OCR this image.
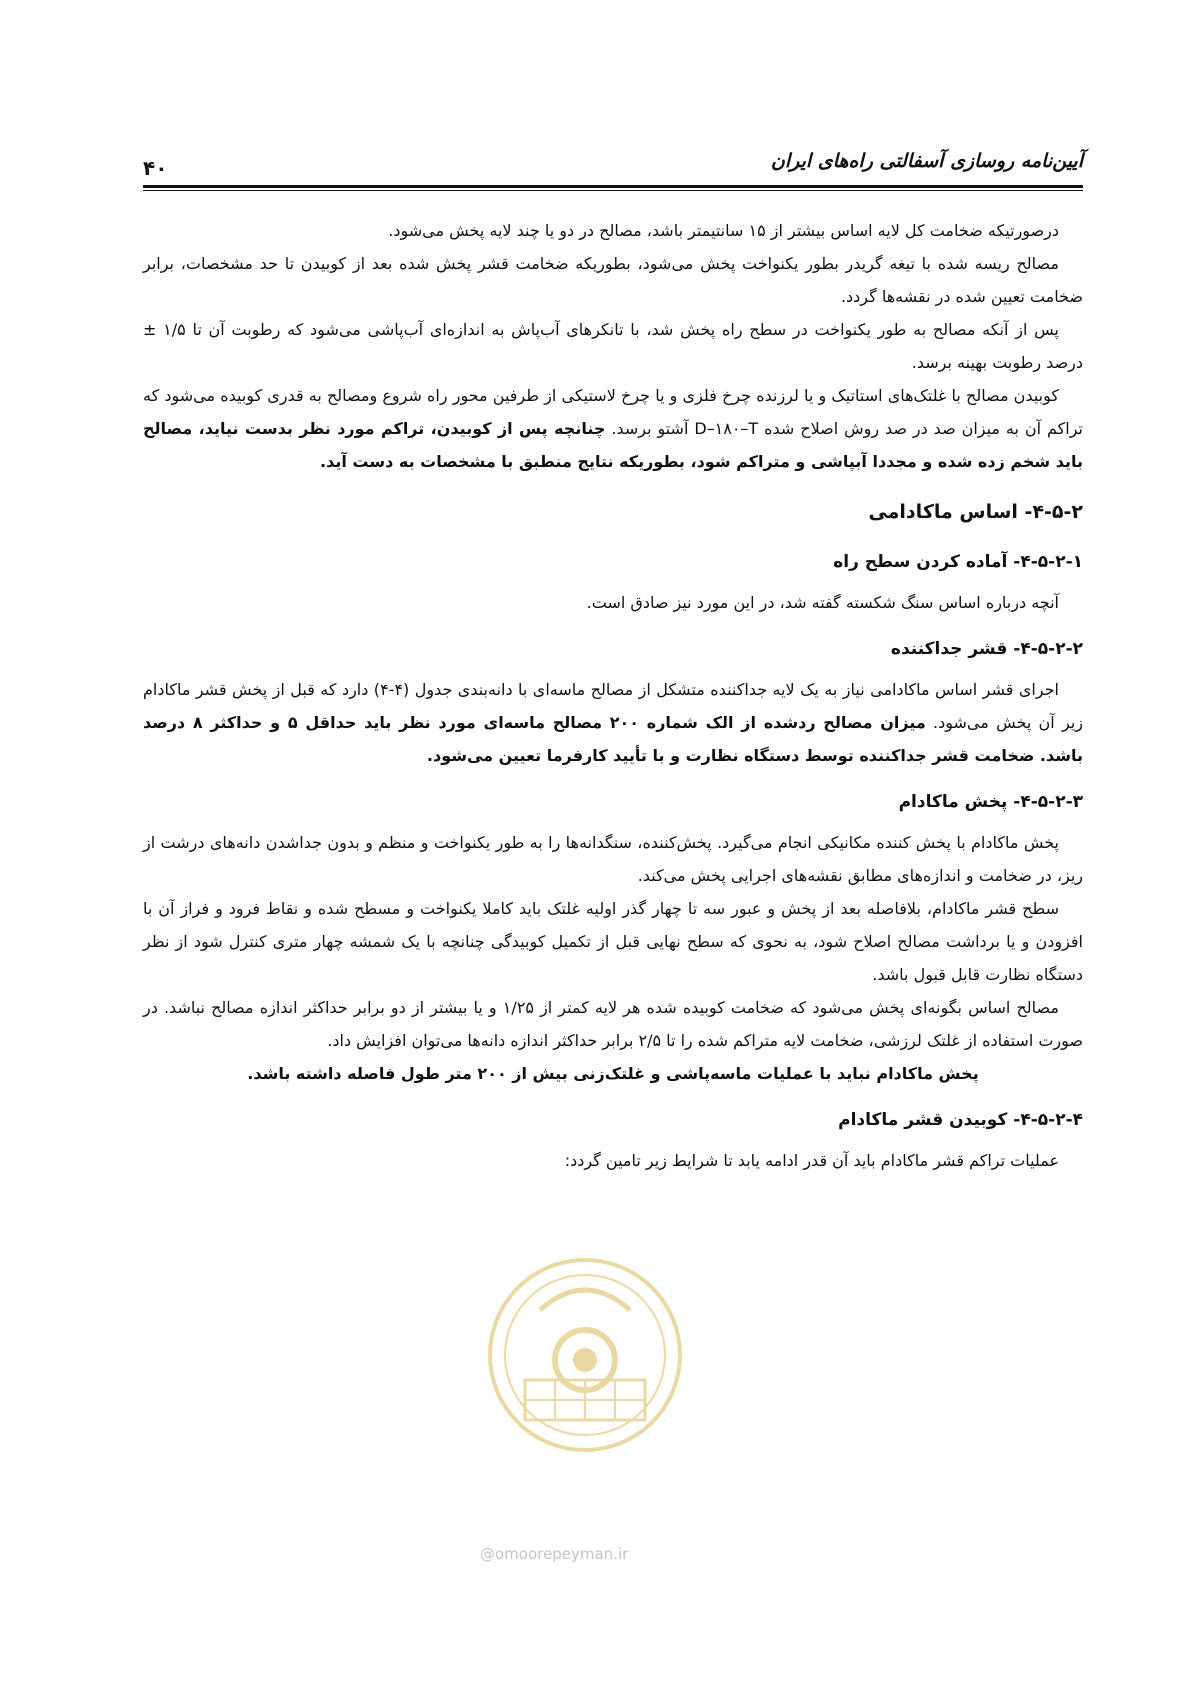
آیین‌نامه روسازی آسفالتی راه‌های ایران
۴۰

درصورتیکه ضخامت کل لایه اساس بیشتر از ۱۵ سانتیمتر باشد، مصالح در دو یا چند لایه پخش می‌شود.

مصالح ریسه شده با تیغه گریدر بطور یکنواخت پخش می‌شود، بطوریکه ضخامت قشر پخش شده بعد از کوبیدن تا حد مشخصات، برابر ضخامت تعیین شده در نقشه‌ها گردد.

پس از آنکه مصالح به طور یکنواخت در سطح راه پخش شد، با تانکرهای آب‌پاش به اندازه‌ای آب‌پاشی می‌شود که رطوبت آن تا ۱/۵ ± درصد رطوبت بهینه برسد.

کوبیدن مصالح با غلتک‌های استاتیک و یا لرزنده چرخ فلزی و یا چرخ لاستیکی از طرفین محور راه شروع ومصالح به قدری کوبیده می‌شود که تراکم آن به میزان صد در صد روش اصلاح شده D–۱۸۰–T آشتو برسد. چنانچه پس از کوبیدن، تراکم مورد نظر بدست نیاید، مصالح باید شخم زده شده و مجددا آبپاشی و متراکم شود، بطوریکه نتایج منطبق با مشخصات به دست آید.

۴-۵-۲- اساس ماکادامی
۴-۵-۲-۱- آماده کردن سطح راه

آنچه درباره اساس سنگ شکسته گفته شد، در این مورد نیز صادق است.

۴-۵-۲-۲- قشر جداکننده

اجرای قشر اساس ماکادامی نیاز به یک لایه جداکننده متشکل از مصالح ماسه‌ای با دانه‌بندی جدول (۴-۴) دارد که قبل از پخش قشر ماکادام زیر آن پخش می‌شود. میزان مصالح ردشده از الک شماره ۲۰۰ مصالح ماسه‌ای مورد نظر باید حداقل ۵ و حداکثر ۸ درصد باشد. ضخامت قشر جداکننده توسط دستگاه نظارت و با تأیید کارفرما تعیین می‌شود.

۴-۵-۲-۳- پخش ماکادام

پخش ماکادام با پخش کننده مکانیکی انجام می‌گیرد. پخش‌کننده، سنگدانه‌ها را به طور یکنواخت و منظم و بدون جداشدن دانه‌های درشت از ریز، در ضخامت و اندازه‌های مطابق نقشه‌های اجرایی پخش می‌کند.

سطح قشر ماکادام، بلافاصله بعد از پخش و عبور سه تا چهار گذر اولیه غلتک باید کاملا یکنواخت و مسطح شده و نقاط فرود و فراز آن با افزودن و یا برداشت مصالح اصلاح شود، به نحوی که سطح نهایی قبل از تکمیل کوبیدگی چنانچه با یک شمشه چهار متری کنترل شود از نظر دستگاه نظارت قابل قبول باشد.

مصالح اساس بگونه‌ای پخش می‌شود که ضخامت کوبیده شده هر لایه کمتر از ۱/۲۵ و یا بیشتر از دو برابر حداکثر اندازه مصالح نباشد. در صورت استفاده از غلتک لرزشی، ضخامت لایه متراکم شده را تا ۲/۵ برابر حداکثر اندازه دانه‌ها می‌توان افزایش داد.

پخش ماکادام نباید با عملیات ماسه‌پاشی و غلتک‌زنی بیش از ۲۰۰ متر طول فاصله داشته باشد.

۴-۵-۲-۴- کوبیدن قشر ماکادام

عملیات تراکم قشر ماکادام باید آن قدر ادامه یابد تا شرایط زیر تامین گردد:

@omoorepeyman.ir
